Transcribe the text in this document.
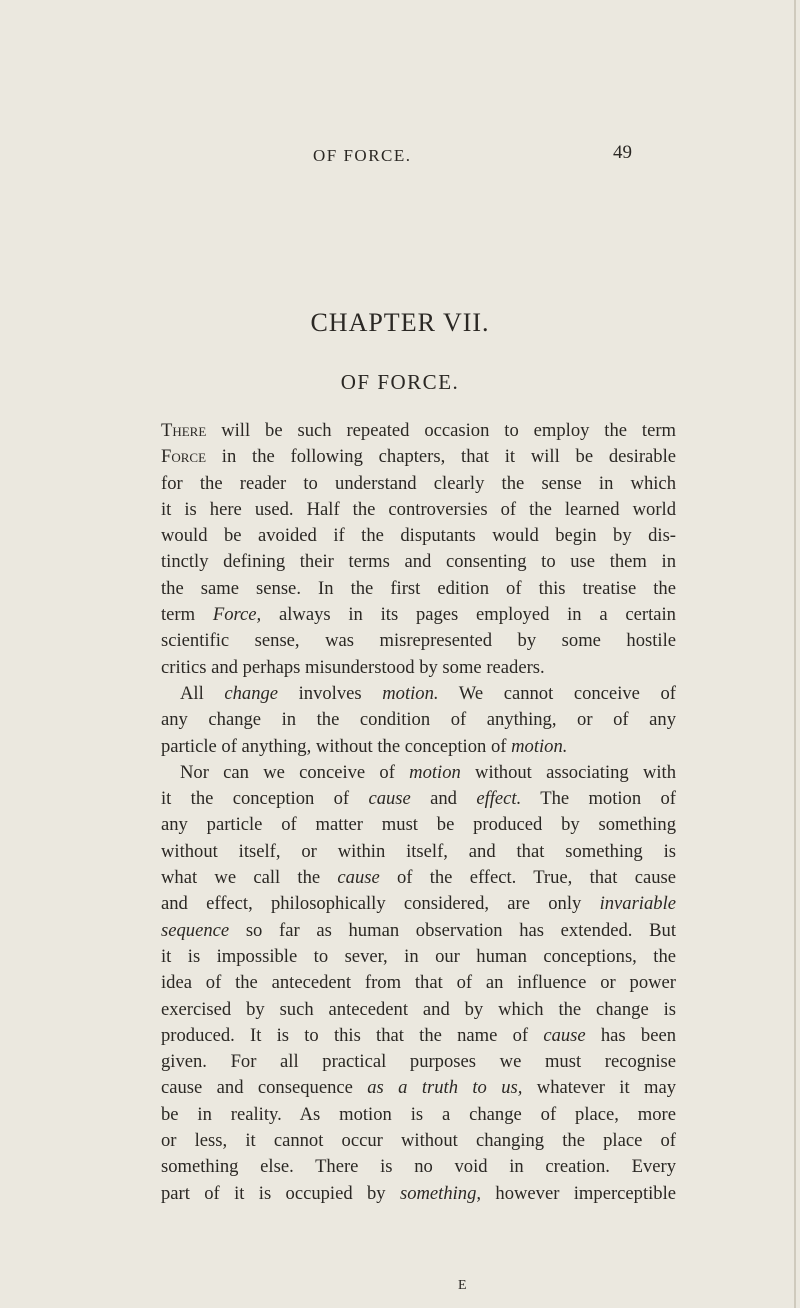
OF FORCE.	49
CHAPTER VII.
OF FORCE.
There will be such repeated occasion to employ the term
Force in the following chapters, that it will be desirable
for the reader to understand clearly the sense in which
it is here used. Half the controversies of the learned world
would be avoided if the disputants would begin by dis-
tinctly defining their terms and consenting to use them in
the same sense. In the first edition of this treatise the
term Force, always in its pages employed in a certain
scientific sense, was misrepresented by some hostile
critics and perhaps misunderstood by some readers.
All change involves motion. We cannot conceive of
any change in the condition of anything, or of any
particle of anything, without the conception of motion.
Nor can we conceive of motion without associating with
it the conception of cause and effect. The motion of
any particle of matter must be produced by something
without itself, or within itself, and that something is
what we call the cause of the effect. True, that cause
and effect, philosophically considered, are only invariable
sequence so far as human observation has extended. But
it is impossible to sever, in our human conceptions, the
idea of the antecedent from that of an influence or power
exercised by such antecedent and by which the change is
produced. It is to this that the name of cause has been
given. For all practical purposes we must recognise
cause and consequence as a truth to us, whatever it may
be in reality. As motion is a change of place, more
or less, it cannot occur without changing the place of
something else. There is no void in creation. Every
part of it is occupied by something, however imperceptible
E
